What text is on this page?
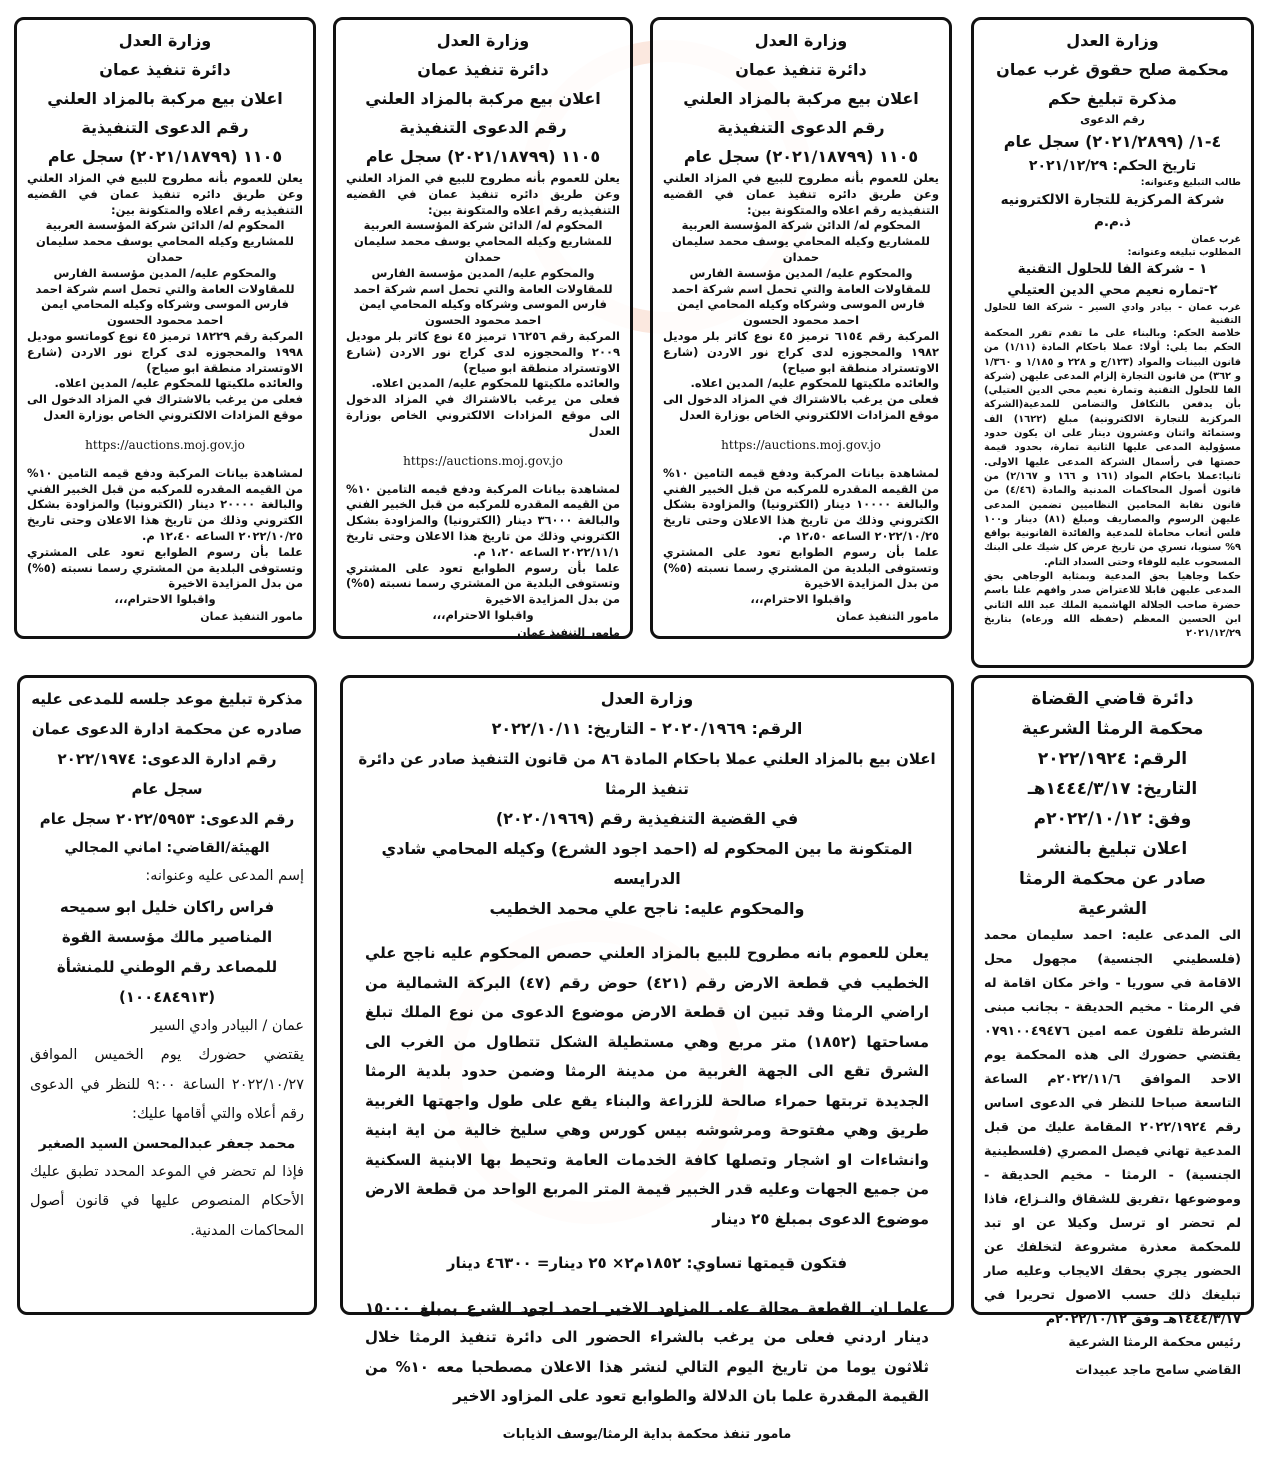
وزارة العدل

محكمة صلح حقوق غرب عمان

مذكرة تبليغ حكم

رقم الدعوى

٤-١/ (٢٠٢١/٢٨٩٩) سجل عام

تاريخ الحكم: ٢٠٢١/١٢/٢٩

طالب التبليغ وعنوانه:

شركة المركزية للتجارة الالكترونيه ذ.م.م

غرب عمان

المطلوب تبليغه وعنوانه:

١ - شركة الفا للحلول التقنية

٢-تماره نعيم محي الدين العتيلي

غرب عمان - بيادر وادي السير - شركة الفا للحلول التقنية

خلاصة الحكم: وبالبناء على ما تقدم تقرر المحكمة الحكم بما يلي: أولا: عملا باحكام المادة (١/١١) من قانون البينات والمواد (١٢٣/ج و ٢٢٨ و ١/١٨٥ و ١/٣٦٠ و ٣٦٢) من قانون التجارة إلزام المدعى عليهن (شركة الفا للحلول التقنية وتمارة نعيم محي الدين العتيلي) بأن يدفعن بالتكافل والتضامن للمدعية(الشركة المركزية للتجارة الالكترونية) مبلغ (١٦٢٢) الف وستمائة واثنان وعشرون دينار على ان يكون حدود مسؤولية المدعى عليها الثانية تمارة، بحدود قيمة حصتها في رأسمال الشركة المدعى عليها الاولى. ثانيا:عملا باحكام المواد (١٦١ و ١٦٦ و ٢/١٦٧) من قانون أصول المحاكمات المدنية والمادة (٤/٤٦) من قانون نقابة المحامين النظاميين تضمين المدعى عليهن الرسوم والمصاريف ومبلغ (٨١) دينار و١٠٠ فلس أتعاب محاماة للمدعية والفائدة القانونية بواقع ٩% سنويا، تسري من تاريخ عرض كل شيك على البنك المسحوب عليه للوفاء وحتى السداد التام.

حكما وجاهيا بحق المدعية وبمثابة الوجاهي بحق المدعى عليهن قابلا للاعتراض صدر وافهم علنا باسم حضرة صاحب الجلالة الهاشمية الملك عبد الله الثاني ابن الحسين المعظم (حفظه الله ورعاه) بتاريخ ٢٠٢١/١٢/٢٩

وزارة العدل

دائرة تنفيذ عمان

اعلان بيع مركبة بالمزاد العلني

رقم الدعوى التنفيذية

١١٠٥ (٢٠٢١/١٨٧٩٩) سجل عام

يعلن للعموم بأنه مطروح للبيع في المزاد العلني وعن طريق دائره تنفيذ عمان في القضيه التنفيذيه رقم اعلاه والمتكونة بين:

المحكوم له/ الدائن شركة المؤسسة العربية للمشاريع وكيله المحامي يوسف محمد سليمان حمدان

والمحكوم عليه/ المدين مؤسسة الفارس للمقاولات العامة والتي تحمل اسم شركة احمد فارس الموسى وشركاه وكيله المحامي ايمن احمد محمود الحسون

المركبة رقم ٦١٥٤ ترميز ٤٥ نوع كاتر بلر موديل ١٩٨٢ والمحجوزه لدى كراج نور الاردن (شارع الاوتستراد منطقة ابو صياح)

والعائده ملكيتها للمحكوم عليه/ المدين اعلاه.

فعلى من يرغب بالاشتراك في المزاد الدخول الى موقع المزادات الالكتروني الخاص بوزارة العدل

https://auctions.moj.gov.jo

لمشاهدة بيانات المركبة ودفع قيمه التامين ١٠% من القيمه المقدره للمركبه من قبل الخبير الفني والبالغة ١٠٠٠٠ دينار (الكترونيا) والمزاودة بشكل الكتروني وذلك من تاريخ هذا الاعلان وحتى تاريخ ٢٠٢٢/١٠/٢٥ الساعه ١٢،٥٠ م.

علما بأن رسوم الطوابع تعود على المشتري وتستوفى البلدية من المشتري رسما نسبته (٥%) من بدل المزايدة الاخيرة

واقبلوا الاحترام،،،

مامور التنفيذ عمان

وزارة العدل

دائرة تنفيذ عمان

اعلان بيع مركبة بالمزاد العلني

رقم الدعوى التنفيذية

١١٠٥ (٢٠٢١/١٨٧٩٩) سجل عام

يعلن للعموم بأنه مطروح للبيع في المزاد العلني وعن طريق دائره تنفيذ عمان في القضيه التنفيذيه رقم اعلاه والمتكونة بين:

المحكوم له/ الدائن شركة المؤسسة العربية للمشاريع وكيله المحامي يوسف محمد سليمان حمدان

والمحكوم عليه/ المدين مؤسسة الفارس للمقاولات العامة والتي تحمل اسم شركة احمد فارس الموسى وشركاه وكيله المحامي ايمن احمد محمود الحسون

المركبة رقم ١٦٢٥٦ ترميز ٤٥ نوع كاتر بلر موديل ٢٠٠٩ والمحجوزه لدى كراج نور الاردن (شارع الاوتستراد منطقة ابو صياح)

والعائده ملكيتها للمحكوم عليه/ المدين اعلاه.

فعلى من يرغب بالاشتراك في المزاد الدخول الى موقع المزادات الالكتروني الخاص بوزارة العدل

https://auctions.moj.gov.jo

لمشاهدة بيانات المركبة ودفع قيمه التامين ١٠% من القيمه المقدره للمركبه من قبل الخبير الفني والبالغة ٣٦٠٠٠ دينار (الكترونيا) والمزاودة بشكل الكتروني وذلك من تاريخ هذا الاعلان وحتى تاريخ ٢٠٢٢/١١/١ الساعه ١،٢٠ م.

علما بأن رسوم الطوابع تعود على المشتري وتستوفى البلدية من المشتري رسما نسبته (٥%) من بدل المزايدة الاخيرة

واقبلوا الاحترام،،،

مامور التنفيذ عمان

وزارة العدل

دائرة تنفيذ عمان

اعلان بيع مركبة بالمزاد العلني

رقم الدعوى التنفيذية

١١٠٥ (٢٠٢١/١٨٧٩٩) سجل عام

يعلن للعموم بأنه مطروح للبيع في المزاد العلني وعن طريق دائره تنفيذ عمان في القضيه التنفيذيه رقم اعلاه والمتكونة بين:

المحكوم له/ الدائن شركة المؤسسة العربية للمشاريع وكيله المحامي يوسف محمد سليمان حمدان

والمحكوم عليه/ المدين مؤسسة الفارس للمقاولات العامة والتي تحمل اسم شركة احمد فارس الموسى وشركاه وكيله المحامي ايمن احمد محمود الحسون

المركبة رقم ١٨٢٢٩ ترميز ٤٥ نوع كوماتسو موديل ١٩٩٨ والمحجوزه لدى كراج نور الاردن (شارع الاوتستراد منطقة ابو صياح)

والعائده ملكيتها للمحكوم عليه/ المدين اعلاه.

فعلى من يرغب بالاشتراك في المزاد الدخول الى موقع المزادات الالكتروني الخاص بوزارة العدل

https://auctions.moj.gov.jo

لمشاهدة بيانات المركبة ودفع قيمه التامين ١٠% من القيمه المقدره للمركبه من قبل الخبير الفني والبالغة ٢٠٠٠٠ دينار (الكترونيا) والمزاودة بشكل الكتروني وذلك من تاريخ هذا الاعلان وحتى تاريخ ٢٠٢٢/١٠/٢٥ الساعه ١٢،٤٠ م.

علما بأن رسوم الطوابع تعود على المشتري وتستوفى البلدية من المشتري رسما نسبته (٥%) من بدل المزايدة الاخيرة

واقبلوا الاحترام،،،

مامور التنفيذ عمان

دائرة قاضي القضاة

محكمة الرمثا الشرعية

الرقم: ٢٠٢٢/١٩٢٤

التاريخ: ١٤٤٤/٣/١٧هـ

وفق: ٢٠٢٢/١٠/١٢م

اعلان تبليغ بالنشر

صادر عن محكمة الرمثا الشرعية

الى المدعى عليه: احمد سليمان محمد (فلسطيني الجنسية) مجهول محل الاقامة في سوريا - واخر مكان اقامة له في الرمثا - مخيم الحديقة - بجانب مبنى الشرطة تلفون عمه امين ٠٧٩١٠٠٤٩٤٧٦ يقتضي حضورك الى هذه المحكمة يوم الاحد الموافق ٢٠٢٢/١١/٦م الساعة التاسعة صباحا للنظر في الدعوى اساس رقم ٢٠٢٢/١٩٢٤ المقامة عليك من قبل المدعية تهاني فيصل المصري (فلسطينية الجنسية) - الرمثا - مخيم الحديقة - وموضوعها ،تفريق للشقاق والنـزاع، فاذا لم تحضر او ترسل وكيلا عن او تبد للمحكمة معذرة مشروعة لتخلفك عن الحضور يجري بحقك الايجاب وعليه صار تبليغك ذلك حسب الاصول تحريرا في ١٤٤٤/٣/١٧هـ وفق ٢٠٢٢/١٠/١٢م

رئيس محكمة الرمثا الشرعية

القاضي سامح ماجد عبيدات

وزارة العدل

الرقم: ٢٠٢٠/١٩٦٩ - التاريخ: ٢٠٢٢/١٠/١١

اعلان بيع بالمزاد العلني عملا باحكام المادة ٨٦ من قانون التنفيذ صادر عن دائرة تنفيذ الرمثا

في القضية التنفيذية رقم (٢٠٢٠/١٩٦٩)

المتكونة ما بين المحكوم له (احمد اجود الشرع) وكيله المحامي شادي الدرايسه

والمحكوم عليه: ناجح علي محمد الخطيب

يعلن للعموم بانه مطروح للبيع بالمزاد العلني حصص المحكوم عليه ناجح علي الخطيب في قطعة الارض رقم (٤٢١) حوض رقم (٤٧) البركة الشمالية من اراضي الرمثا وقد تبين ان قطعة الارض موضوع الدعوى من نوع الملك تبلغ مساحتها (١٨٥٢) متر مربع وهي مستطيلة الشكل تتطاول من الغرب الى الشرق تقع الى الجهة الغربية من مدينة الرمثا وضمن حدود بلدية الرمثا الجديدة تربتها حمراء صالحة للزراعة والبناء يقع على طول واجهتها الغربية طريق وهي مفتوحة ومرشوشه بيس كورس وهي سليخ خالية من اية ابنية وانشاءات او اشجار وتصلها كافة الخدمات العامة وتحيط بها الابنية السكنية من جميع الجهات وعليه قدر الخبير قيمة المتر المربع الواحد من قطعة الارض موضوع الدعوى بمبلغ ٢٥ دينار

فتكون قيمتها تساوي: ١٨٥٢م٢× ٢٥ دينار= ٤٦٣٠٠ دينار

علما ان القطعة محالة على المزاود الاخير احمد اجود الشرع بمبلغ ١٥٠٠٠ دينار اردني فعلى من يرغب بالشراء الحضور الى دائرة تنفيذ الرمثا خلال ثلاثون يوما من تاريخ اليوم التالي لنشر هذا الاعلان مصطحبا معه ١٠% من القيمة المقدرة علما بان الدلالة والطوابع تعود على المزاود الاخير

مامور تنفذ محكمة بداية الرمثا/يوسف الذيابات

مذكرة تبليغ موعد جلسه للمدعى عليه

صادره عن محكمة ادارة الدعوى عمان

رقم ادارة الدعوى: ٢٠٢٢/١٩٧٤

سجل عام

رقم الدعوى: ٢٠٢٢/٥٩٥٣ سجل عام

الهيئة/القاضي: اماني المجالي

إسم المدعى عليه وعنوانه:

فراس راكان خليل ابو سميحه المناصير مالك مؤسسة القوة للمصاعد رقم الوطني للمنشأة (١٠٠٤٨٤٩١٣)

عمان / البيادر وادي السير

يقتضي حضورك يوم الخميس الموافق ٢٠٢٢/١٠/٢٧ الساعة ٩:٠٠ للنظر في الدعوى رقم أعلاه والتي أقامها عليك:

محمد جعفر عبدالمحسن السيد الصغير

فإذا لم تحضر في الموعد المحدد تطبق عليك الأحكام المنصوص عليها في قانون أصول المحاكمات المدنية.
